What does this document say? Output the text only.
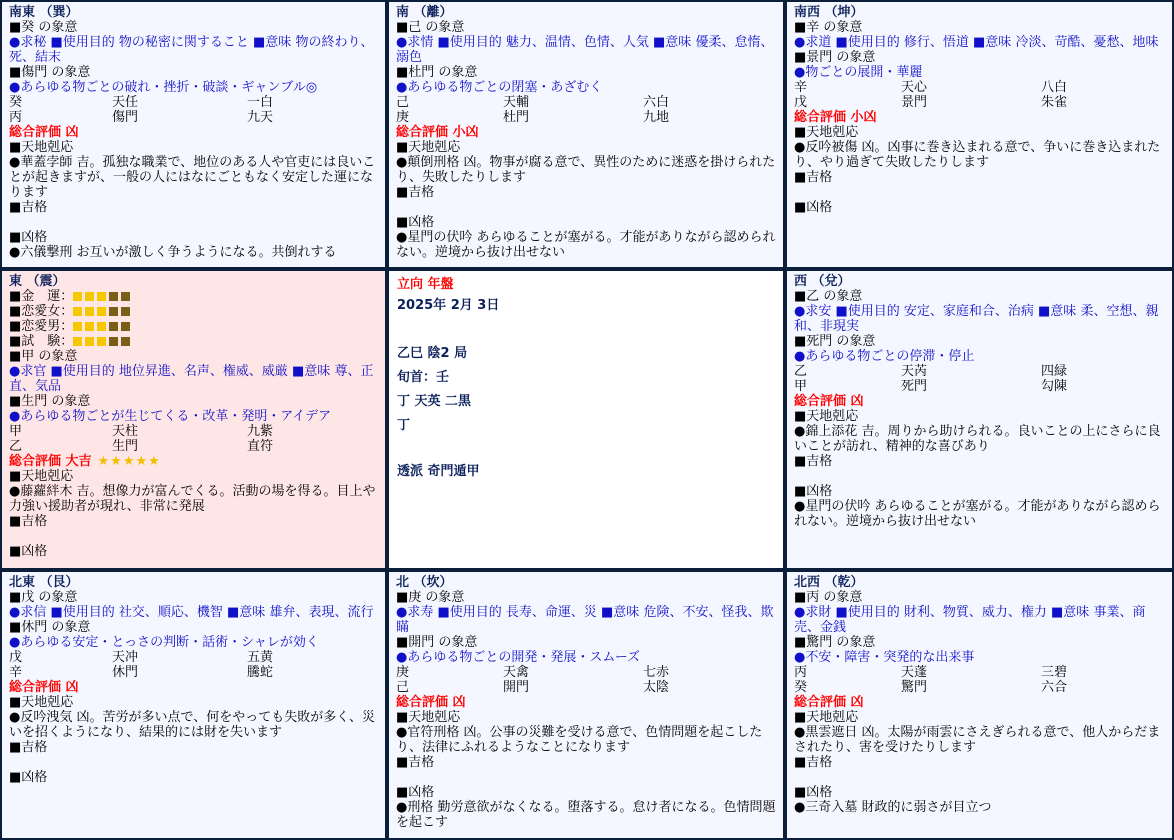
南東 （巽）
■癸 の象意
●求秘 ■使用目的 物の秘密に関すること ■意味 物の終わり、死、結末
■傷門 の象意
●あらゆる物ごとの破れ・挫折・破談・ギャンブル◎
癸	天任	一白
丙	傷門	九天
総合評価 凶
■天地剋応
●華蓋孛師 吉。孤独な職業で、地位のある人や官吏には良いことが起きますが、一般の人にはなにごともなく安定した運になります
■吉格
■凶格
●六儀撃刑 お互いが激しく争うようになる。共倒れする
南 （離）
■己 の象意
●求情 ■使用目的 魅力、温情、色情、人気 ■意味 優柔、怠惰、溺色
■杜門 の象意
●あらゆる物ごとの閉塞・あざむく
己	天輔	六白
庚	杜門	九地
総合評価 小凶
■天地剋応
●顛倒刑格 凶。物事が腐る意で、異性のために迷惑を掛けられたり、失敗したりします
■吉格
■凶格
●星門の伏吟 あらゆることが塞がる。才能がありながら認められない。逆境から抜け出せない
南西 （坤）
■辛 の象意
●求道 ■使用目的 修行、悟道 ■意味 冷淡、苛酷、憂愁、地味
■景門 の象意
●物ごとの展開・華麗
辛	天心	八白
戊	景門	朱雀
総合評価 小凶
■天地剋応
●反吟被傷 凶。凶事に巻き込まれる意で、争いに巻き込まれたり、やり過ぎて失敗したりします
■吉格
■凶格
東 （震）
■金　運：
■恋愛女：
■恋愛男：
■試　験：
■甲 の象意
●求官 ■使用目的 地位昇進、名声、権威、威厳 ■意味 尊、正直、気品
■生門 の象意
●あらゆる物ごとが生じてくる・改革・発明・アイデア
甲	天柱	九紫
乙	生門	直符
総合評価 大吉 ★★★★★
■天地剋応
●藤蘿絆木 吉。想像力が富んでくる。活動の場を得る。目上や力強い援助者が現れ、非常に発展
■吉格
■凶格
立向 年盤
2025年 2月 3日
乙巳 陰2 局
旬首：壬
丁 天英 二黒
丁
透派 奇門遁甲
西 （兌）
■乙 の象意
●求安 ■使用目的 安定、家庭和合、治病 ■意味 柔、空想、親和、非現実
■死門 の象意
●あらゆる物ごとの停滞・停止
乙	天芮	四緑
甲	死門	勾陳
総合評価 凶
■天地剋応
●錦上添花 吉。周りから助けられる。良いことの上にさらに良いことが訪れ、精神的な喜びあり
■吉格
■凶格
●星門の伏吟 あらゆることが塞がる。才能がありながら認められない。逆境から抜け出せない
北東 （艮）
■戊 の象意
●求信 ■使用目的 社交、順応、機智 ■意味 雄弁、表現、流行
■休門 の象意
●あらゆる安定・とっさの判断・話術・シャレが効く
戊	天冲	五黄
辛	休門	騰蛇
総合評価 凶
■天地剋応
●反吟洩気 凶。苦労が多い点で、何をやっても失敗が多く、災いを招くようになり、結果的には財を失います
■吉格
■凶格
北 （坎）
■庚 の象意
●求寿 ■使用目的 長寿、命運、災 ■意味 危険、不安、怪我、欺瞞
■開門 の象意
●あらゆる物ごとの開発・発展・スムーズ
庚	天禽	七赤
己	開門	太陰
総合評価 凶
■天地剋応
●官符刑格 凶。公事の災難を受ける意で、色情問題を起こしたり、法律にふれるようなことになります
■吉格
■凶格
●刑格 勤労意欲がなくなる。堕落する。怠け者になる。色情問題を起こす
北西 （乾）
■丙 の象意
●求財 ■使用目的 財利、物質、威力、権力 ■意味 事業、商売、金銭
■驚門 の象意
●不安・障害・突発的な出来事
丙	天蓬	三碧
癸	驚門	六合
総合評価 凶
■天地剋応
●黒雲遮日 凶。太陽が雨雲にさえぎられる意で、他人からだまされたり、害を受けたりします
■吉格
■凶格
●三奇入墓 財政的に弱さが目立つ
